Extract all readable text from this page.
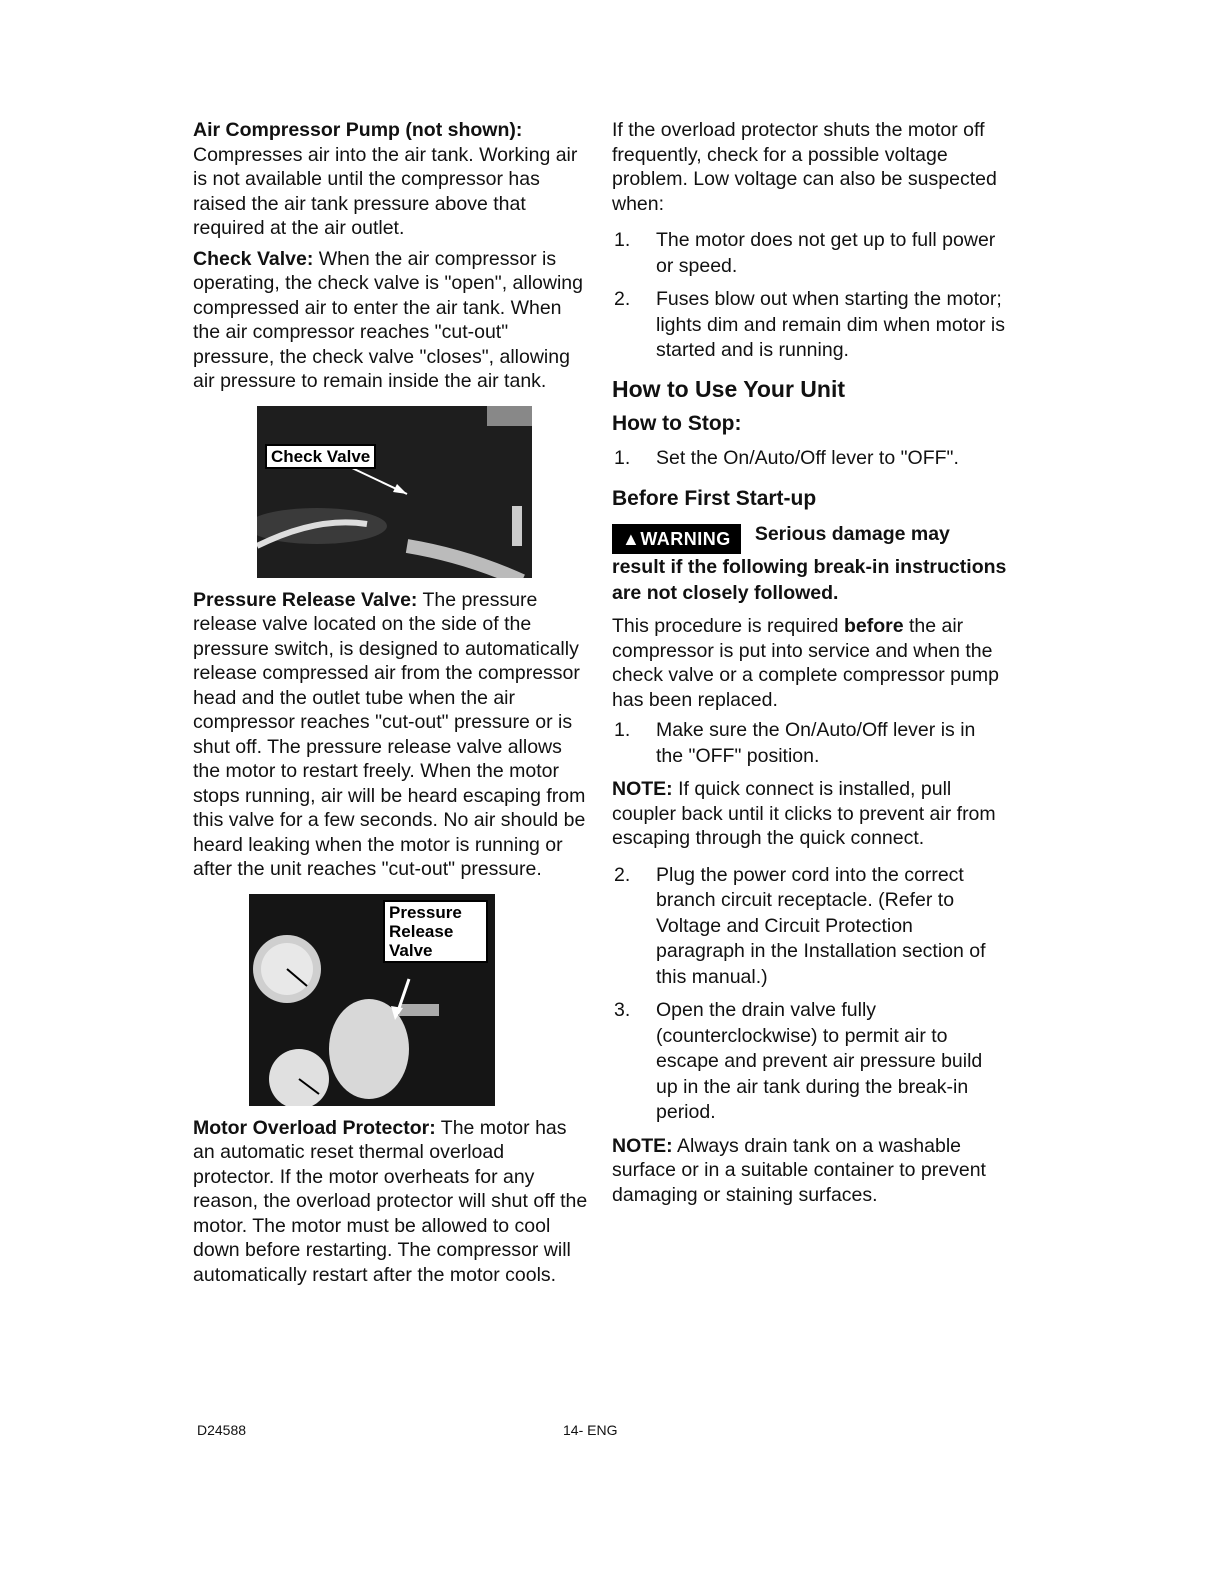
Air Compressor Pump (not shown): Compresses air into the air tank. Working air is not available until the compressor has raised the air tank pressure above that required at the air outlet.

Check Valve: When the air compressor is operating, the check valve is "open", allowing compressed air to enter the air tank. When the air compressor reaches "cut-out" pressure, the check valve "closes", allowing air pressure to remain inside the air tank.

Check Valve

Pressure Release Valve: The pressure release valve located on the side of the pressure switch, is designed to automatically release compressed air from the compressor head and the outlet tube when the air compressor reaches "cut-out" pressure or is shut off. The pressure release valve allows the motor to restart freely. When the motor stops running, air will be heard escaping from this valve for a few seconds. No air should be heard leaking when the motor is running or after the unit reaches "cut-out" pressure.

Pressure Release Valve

Motor Overload Protector: The motor has an automatic reset thermal overload protector. If the motor overheats for any reason, the overload protector will shut off the motor. The motor must be allowed to cool down before restarting. The compressor will automatically restart after the motor cools.

If the overload protector shuts the motor off frequently, check for a possible voltage problem. Low voltage can also be suspected when:

1. The motor does not get up to full power or speed.
2. Fuses blow out when starting the motor; lights dim and remain dim when motor is started and is running.
How to Use Your Unit
How to Stop:
1. Set the On/Auto/Off lever to "OFF".
Before First Start-up
▲WARNING Serious damage may result if the following break-in instructions are not closely followed.

This procedure is required before the air compressor is put into service and when the check valve or a complete compressor pump has been replaced.

1. Make sure the On/Auto/Off lever is in the "OFF" position.

NOTE: If quick connect is installed, pull coupler back until it clicks to prevent air from escaping through the quick connect.

2. Plug the power cord into the correct branch circuit receptacle. (Refer to Voltage and Circuit Protection paragraph in the Installation section of this manual.)
3. Open the drain valve fully (counterclockwise) to permit air to escape and prevent air pressure build up in the air tank during the break-in period.

NOTE: Always drain tank on a washable surface or in a suitable container to prevent damaging or staining surfaces.

D24588	14- ENG
